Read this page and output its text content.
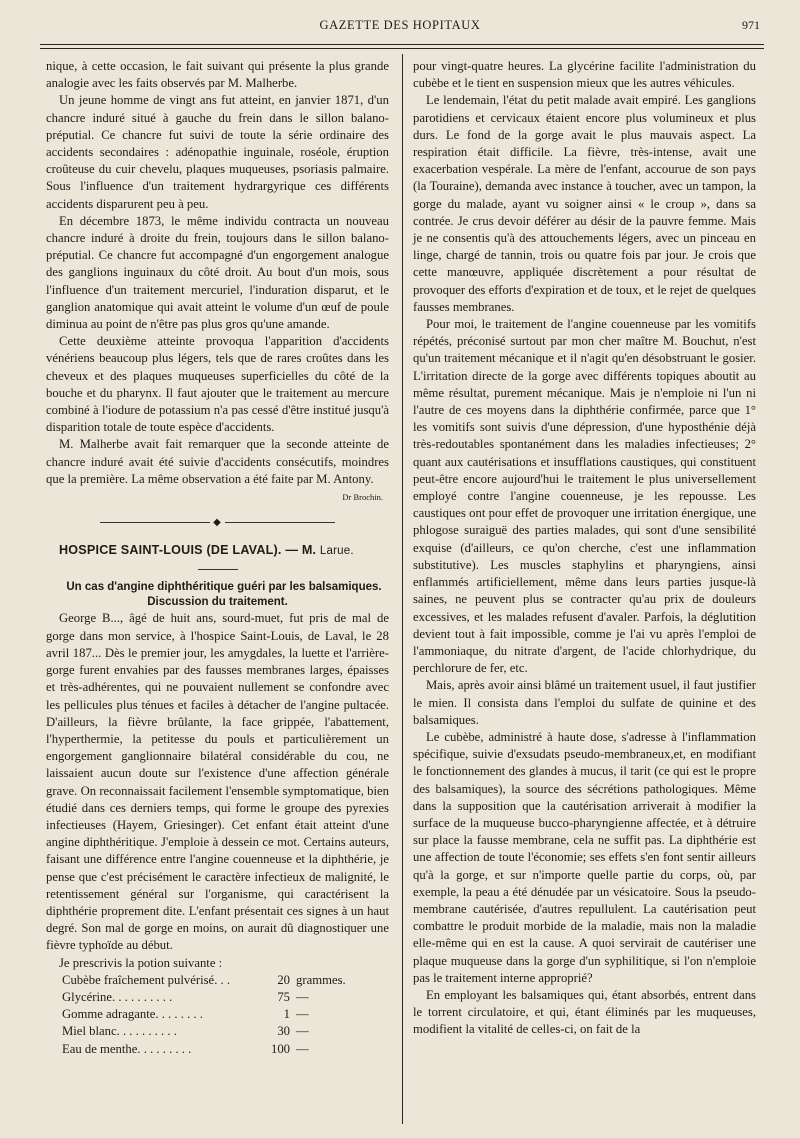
GAZETTE DES HOPITAUX	971

nique, à cette occasion, le fait suivant qui présente la plus grande analogie avec les faits observés par M. Malherbe.

Un jeune homme de vingt ans fut atteint, en janvier 1871, d'un chancre induré situé à gauche du frein dans le sillon balano-préputial. Ce chancre fut suivi de toute la série ordinaire des accidents secondaires : adénopathie inguinale, roséole, éruption croûteuse du cuir chevelu, plaques muqueuses, psoriasis palmaire. Sous l'influence d'un traitement hydrargyrique ces différents accidents disparurent peu à peu.

En décembre 1873, le même individu contracta un nouveau chancre induré à droite du frein, toujours dans le sillon balano-préputial. Ce chancre fut accompagné d'un engorgement analogue des ganglions inguinaux du côté droit. Au bout d'un mois, sous l'influence d'un traitement mercuriel, l'induration disparut, et le ganglion anatomique qui avait atteint le volume d'un œuf de poule diminua au point de n'être pas plus gros qu'une amande.

Cette deuxième atteinte provoqua l'apparition d'accidents vénériens beaucoup plus légers, tels que de rares croûtes dans les cheveux et des plaques muqueuses superficielles du côté de la bouche et du pharynx. Il faut ajouter que le traitement au mercure combiné à l'iodure de potassium n'a pas cessé d'être institué jusqu'à disparition totale de toute espèce d'accidents.

M. Malherbe avait fait remarquer que la seconde atteinte de chancre induré avait été suivie d'accidents consécutifs, moindres que la première. La même observation a été faite par M. Antony.

Dr Brochin.
◆

HOSPICE SAINT-LOUIS (DE LAVAL). — M. Larue.

Un cas d'angine diphthéritique guéri par les balsamiques.
Discussion du traitement.

George B..., âgé de huit ans, sourd-muet, fut pris de mal de gorge dans mon service, à l'hospice Saint-Louis, de Laval, le 28 avril 187... Dès le premier jour, les amygdales, la luette et l'arrière-gorge furent envahies par des fausses membranes larges, épaisses et très-adhérentes, qui ne pouvaient nullement se confondre avec les pellicules plus ténues et faciles à détacher de l'angine pultacée. D'ailleurs, la fièvre brûlante, la face grippée, l'abattement, l'hyperthermie, la petitesse du pouls et particulièrement un engorgement ganglionnaire bilatéral considérable du cou, ne laissaient aucun doute sur l'existence d'une affection générale grave. On reconnaissait facilement l'ensemble symptomatique, bien étudié dans ces derniers temps, qui forme le groupe des pyrexies infectieuses (Hayem, Griesinger). Cet enfant était atteint d'une angine diphthéritique. J'emploie à dessein ce mot. Certains auteurs, faisant une différence entre l'angine couenneuse et la diphthérie, je pense que c'est précisément le caractère infectieux de malignité, le retentissement général sur l'organisme, qui caractérisent la diphthérie proprement dite. L'enfant présentait ces signes à un haut degré. Son mal de gorge en moins, on aurait dû diagnostiquer une fièvre typhoïde au début.

Je prescrivis la potion suivante :

Cubèbe fraîchement pulvérisé. . .	20	grammes.
Glycérine. . . . . . . . . .	75	—
Gomme adragante. . . . . . . .	1	—
Miel blanc. . . . . . . . . .	30	—
Eau de menthe. . . . . . . . .	100	—

pour vingt-quatre heures. La glycérine facilite l'administration du cubèbe et le tient en suspension mieux que les autres véhicules.

Le lendemain, l'état du petit malade avait empiré. Les ganglions parotidiens et cervicaux étaient encore plus volumineux et plus durs. Le fond de la gorge avait le plus mauvais aspect. La respiration était difficile. La fièvre, très-intense, avait une exacerbation vespérale. La mère de l'enfant, accourue de son pays (la Touraine), demanda avec instance à toucher, avec un tampon, la gorge du malade, ayant vu soigner ainsi « le croup », dans sa contrée. Je crus devoir déférer au désir de la pauvre femme. Mais je ne consentis qu'à des attouchements légers, avec un pinceau en linge, chargé de tannin, trois ou quatre fois par jour. Je crois que cette manœuvre, appliquée discrètement a pour résultat de provoquer des efforts d'expiration et de toux, et le rejet de quelques fausses membranes.

Pour moi, le traitement de l'angine couenneuse par les vomitifs répétés, préconisé surtout par mon cher maître M. Bouchut, n'est qu'un traitement mécanique et il n'agit qu'en désobstruant le gosier. L'irritation directe de la gorge avec différents topiques aboutit au même résultat, purement mécanique. Mais je n'emploie ni l'un ni l'autre de ces moyens dans la diphthérie confirmée, parce que 1° les vomitifs sont suivis d'une dépression, d'une hyposthénie déjà très-redoutables spontanément dans les maladies infectieuses; 2° quant aux cautérisations et insufflations caustiques, qui constituent peut-être encore aujourd'hui le traitement le plus universellement employé contre l'angine couenneuse, je les repousse. Les caustiques ont pour effet de provoquer une irritation énergique, une phlogose suraiguë des parties malades, qui sont d'une sensibilité exquise (d'ailleurs, ce qu'on cherche, c'est une inflammation substitutive). Les muscles staphylins et pharyngiens, ainsi enflammés artificiellement, même dans leurs parties jusque-là saines, ne peuvent plus se contracter qu'au prix de douleurs excessives, et les malades refusent d'avaler. Parfois, la déglutition devient tout à fait impossible, comme je l'ai vu après l'emploi de l'ammoniaque, du nitrate d'argent, de l'acide chlorhydrique, du perchlorure de fer, etc.

Mais, après avoir ainsi blâmé un traitement usuel, il faut justifier le mien. Il consista dans l'emploi du sulfate de quinine et des balsamiques.

Le cubèbe, administré à haute dose, s'adresse à l'inflammation spécifique, suivie d'exsudats pseudo-membraneux,et, en modifiant le fonctionnement des glandes à mucus, il tarit (ce qui est le propre des balsamiques), la source des sécrétions pathologiques. Même dans la supposition que la cautérisation arriverait à modifier la surface de la muqueuse bucco-pharyngienne affectée, et à détruire sur place la fausse membrane, cela ne suffit pas. La diphthérie est une affection de toute l'économie; ses effets s'en font sentir ailleurs qu'à la gorge, et sur n'importe quelle partie du corps, où, par exemple, la peau a été dénudée par un vésicatoire. Sous la pseudo-membrane cautérisée, d'autres repullulent. La cautérisation peut combattre le produit morbide de la maladie, mais non la maladie elle-même qui en est la cause. A quoi servirait de cautériser une plaque muqueuse dans la gorge d'un syphilitique, si l'on n'emploie pas le traitement interne approprié?

En employant les balsamiques qui, étant absorbés, entrent dans le torrent circulatoire, et qui, étant éliminés par les muqueuses, modifient la vitalité de celles-ci, on fait de la
